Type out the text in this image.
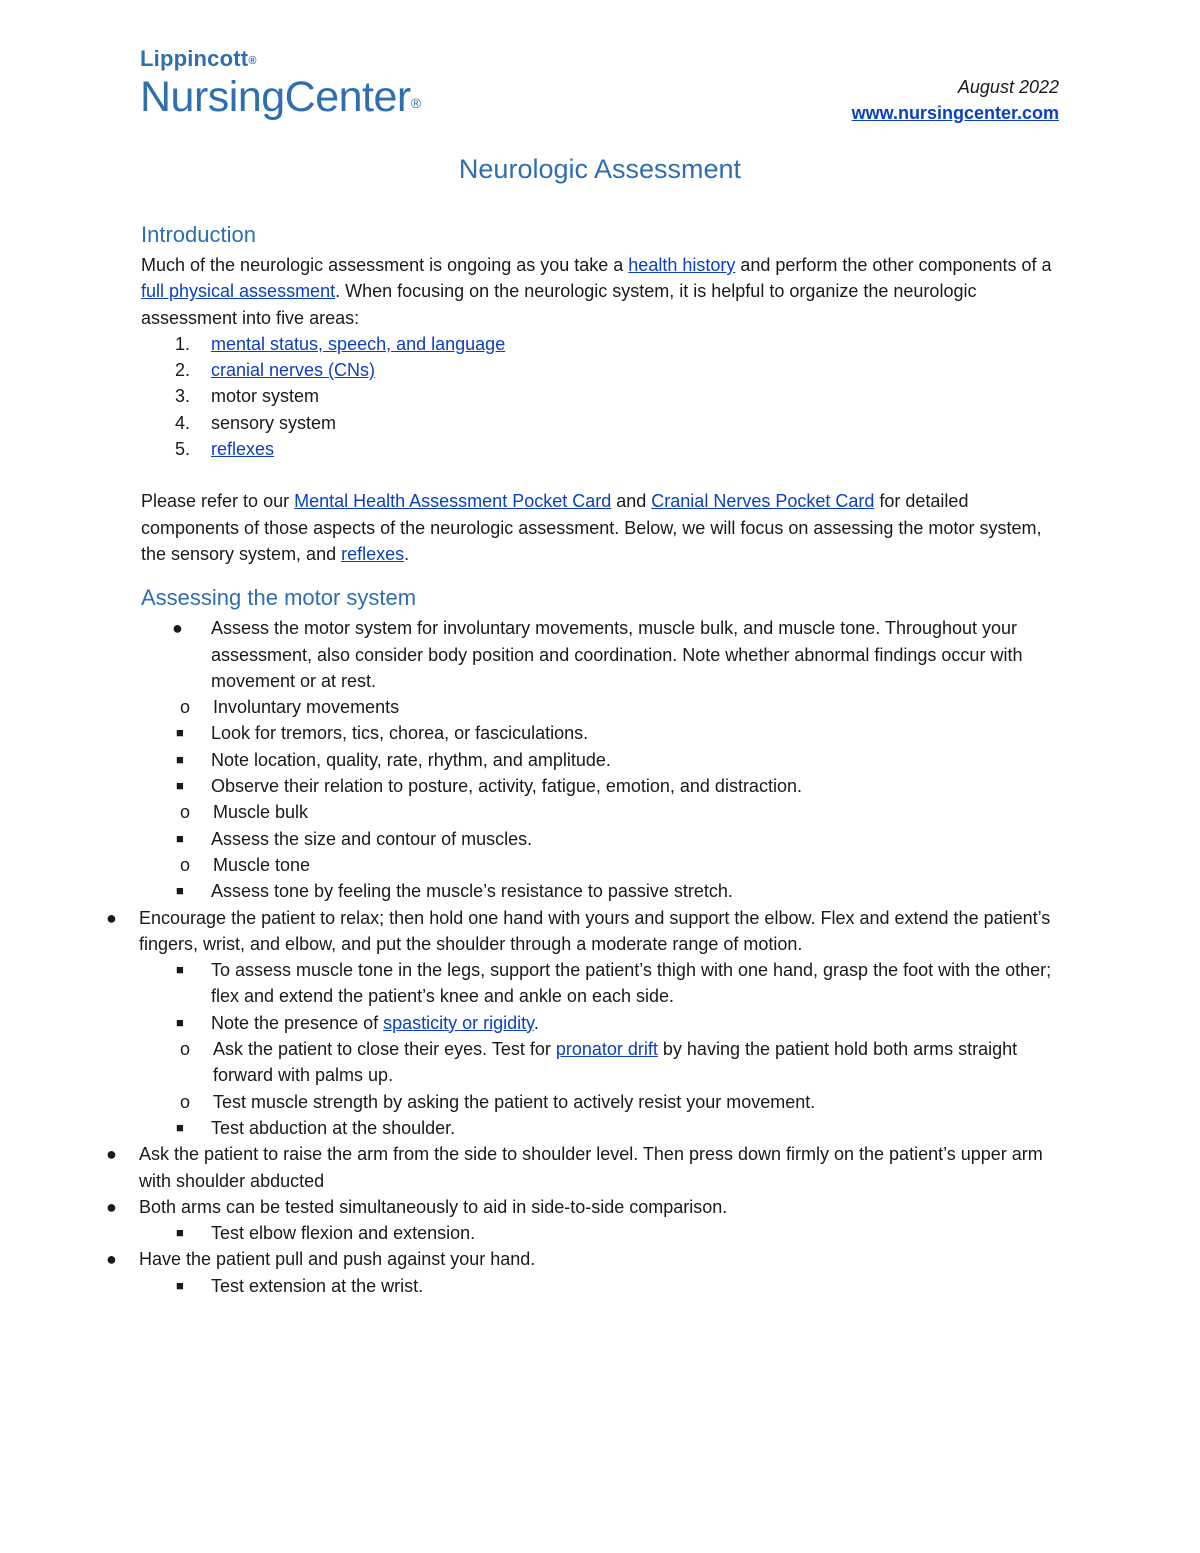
Lippincott®
NursingCenter®
August 2022
www.nursingcenter.com
Neurologic Assessment
Introduction

Much of the neurologic assessment is ongoing as you take a health history and perform the other components of a full physical assessment. When focusing on the neurologic system, it is helpful to organize the neurologic assessment into five areas:

1. mental status, speech, and language
2. cranial nerves (CNs)
3. motor system
4. sensory system
5. reflexes

Please refer to our Mental Health Assessment Pocket Card and Cranial Nerves Pocket Card for detailed components of those aspects of the neurologic assessment. Below, we will focus on assessing the motor system, the sensory system, and reflexes.

Assessing the motor system
● Assess the motor system for involuntary movements, muscle bulk, and muscle tone. Throughout your assessment, also consider body position and coordination. Note whether abnormal findings occur with movement or at rest.
o	Involuntary movements
■	Look for tremors, tics, chorea, or fasciculations.
■	Note location, quality, rate, rhythm, and amplitude.
■	Observe their relation to posture, activity, fatigue, emotion, and distraction.
o	Muscle bulk
■	Assess the size and contour of muscles.
o	Muscle tone
■	Assess tone by feeling the muscle’s resistance to passive stretch.
●	Encourage the patient to relax; then hold one hand with yours and support the elbow. Flex and extend the patient’s fingers, wrist, and elbow, and put the shoulder through a moderate range of motion.
■	To assess muscle tone in the legs, support the patient’s thigh with one hand, grasp the foot with the other; flex and extend the patient’s knee and ankle on each side.
■	Note the presence of spasticity or rigidity.
o	Ask the patient to close their eyes. Test for pronator drift by having the patient hold both arms straight forward with palms up.
o	Test muscle strength by asking the patient to actively resist your movement.
■	Test abduction at the shoulder.
●	Ask the patient to raise the arm from the side to shoulder level. Then press down firmly on the patient’s upper arm with shoulder abducted
●	Both arms can be tested simultaneously to aid in side-to-side comparison.
■	Test elbow flexion and extension.
●	Have the patient pull and push against your hand.
■	Test extension at the wrist.
